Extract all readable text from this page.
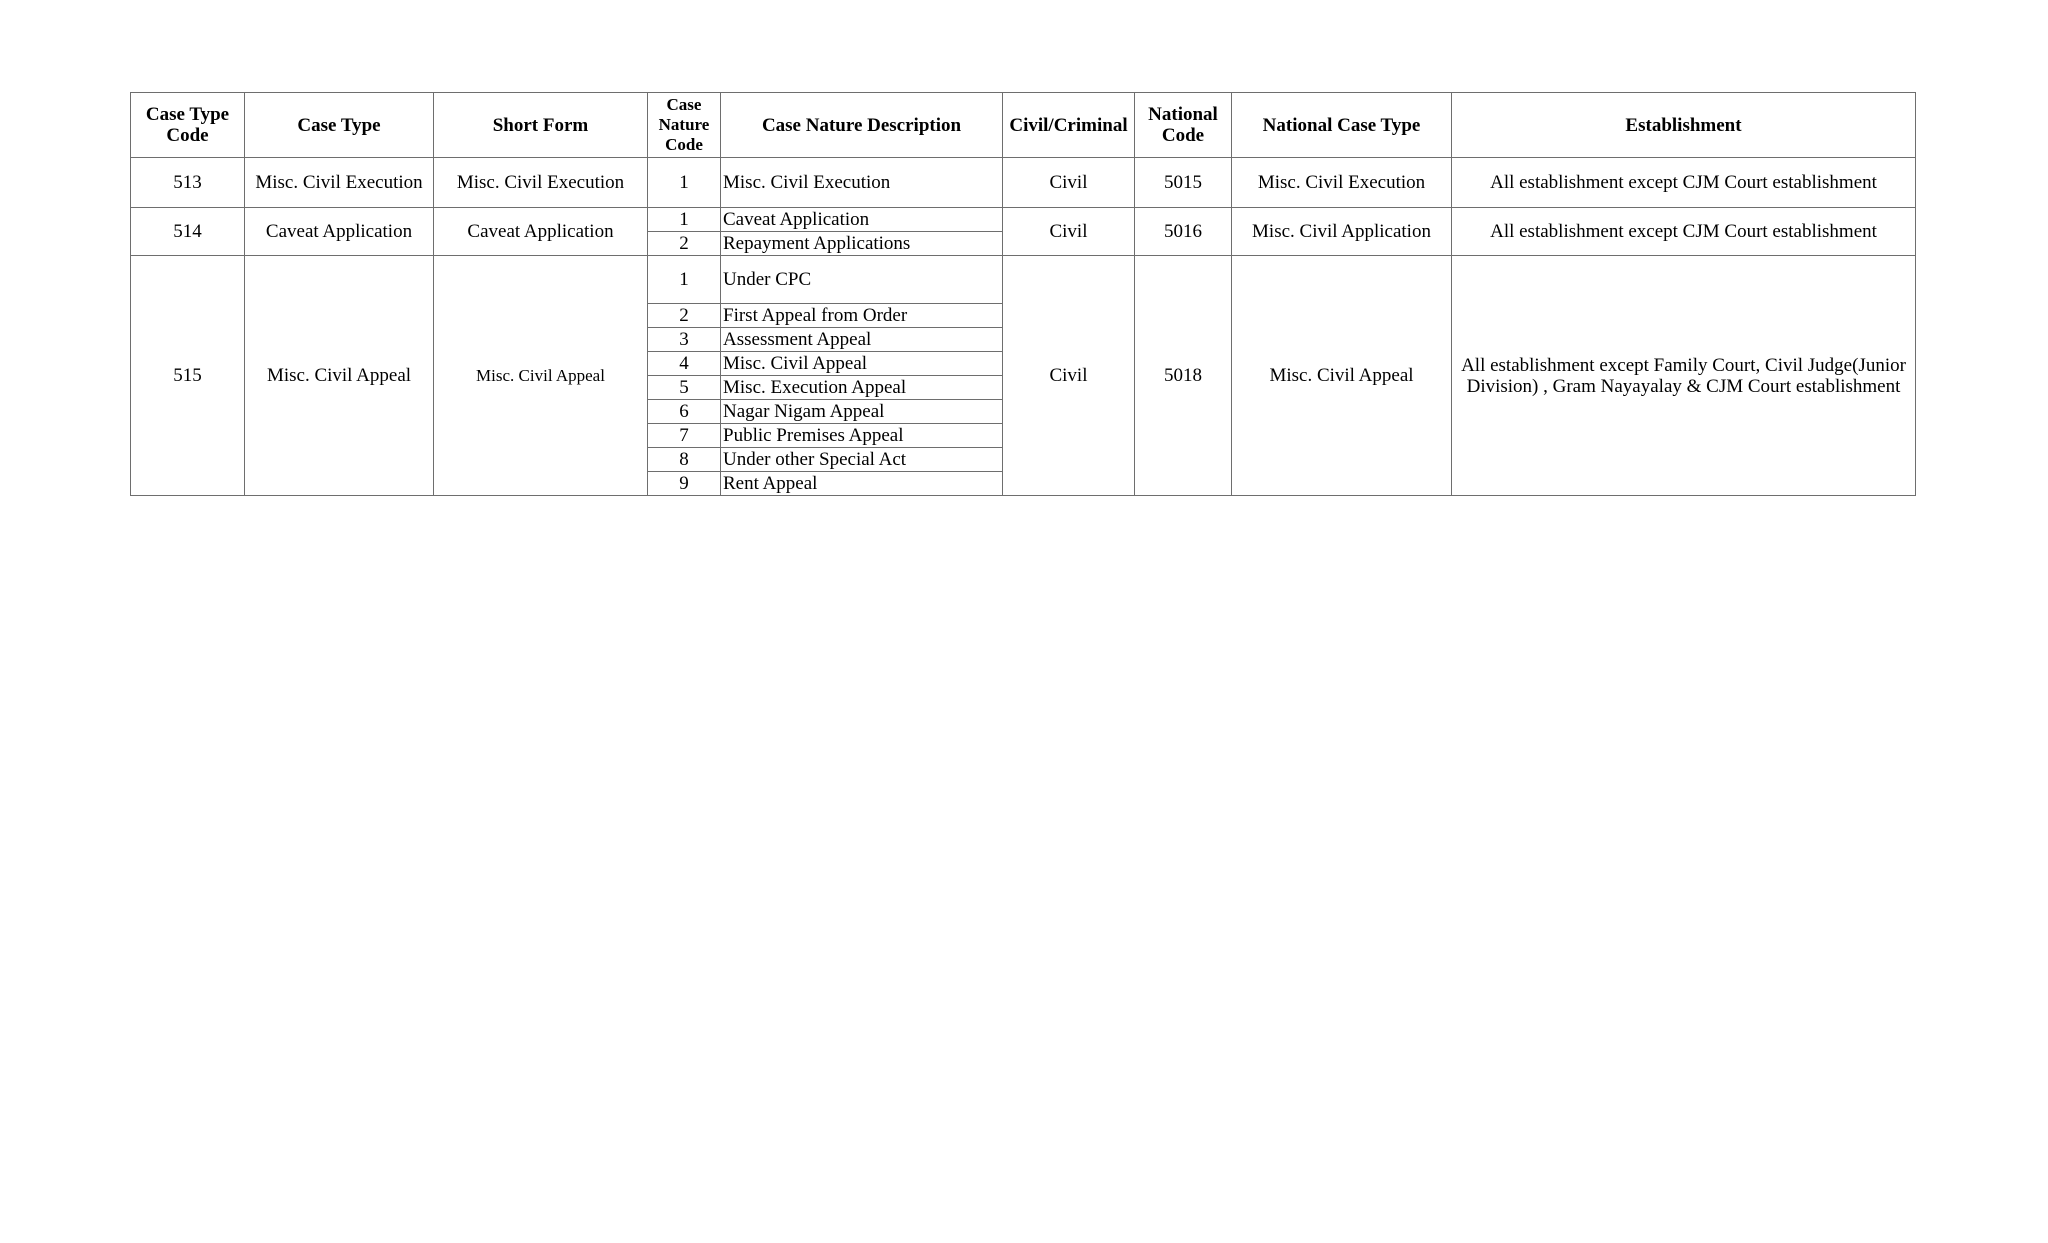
Case Type Code	Case Type	Short Form	Case Nature Code	Case Nature Description	Civil/Criminal	National Code	National Case Type	Establishment
513	Misc. Civil Execution	Misc. Civil Execution	1	Misc. Civil Execution	Civil	5015	Misc. Civil Execution	All establishment except CJM Court establishment
514	Caveat Application	Caveat Application	1	Caveat Application	Civil	5016	Misc. Civil Application	All establishment except CJM Court establishment
			2	Repayment Applications				
515	Misc. Civil Appeal	Misc. Civil Appeal	1	Under CPC	Civil	5018	Misc. Civil Appeal	All establishment except Family Court, Civil Judge(Junior Division) , Gram Nayayalay & CJM Court establishment
			2	First Appeal from Order				
			3	Assessment Appeal				
			4	Misc. Civil Appeal				
			5	Misc. Execution Appeal				
			6	Nagar Nigam Appeal				
			7	Public Premises Appeal				
			8	Under other Special Act				
			9	Rent Appeal				
